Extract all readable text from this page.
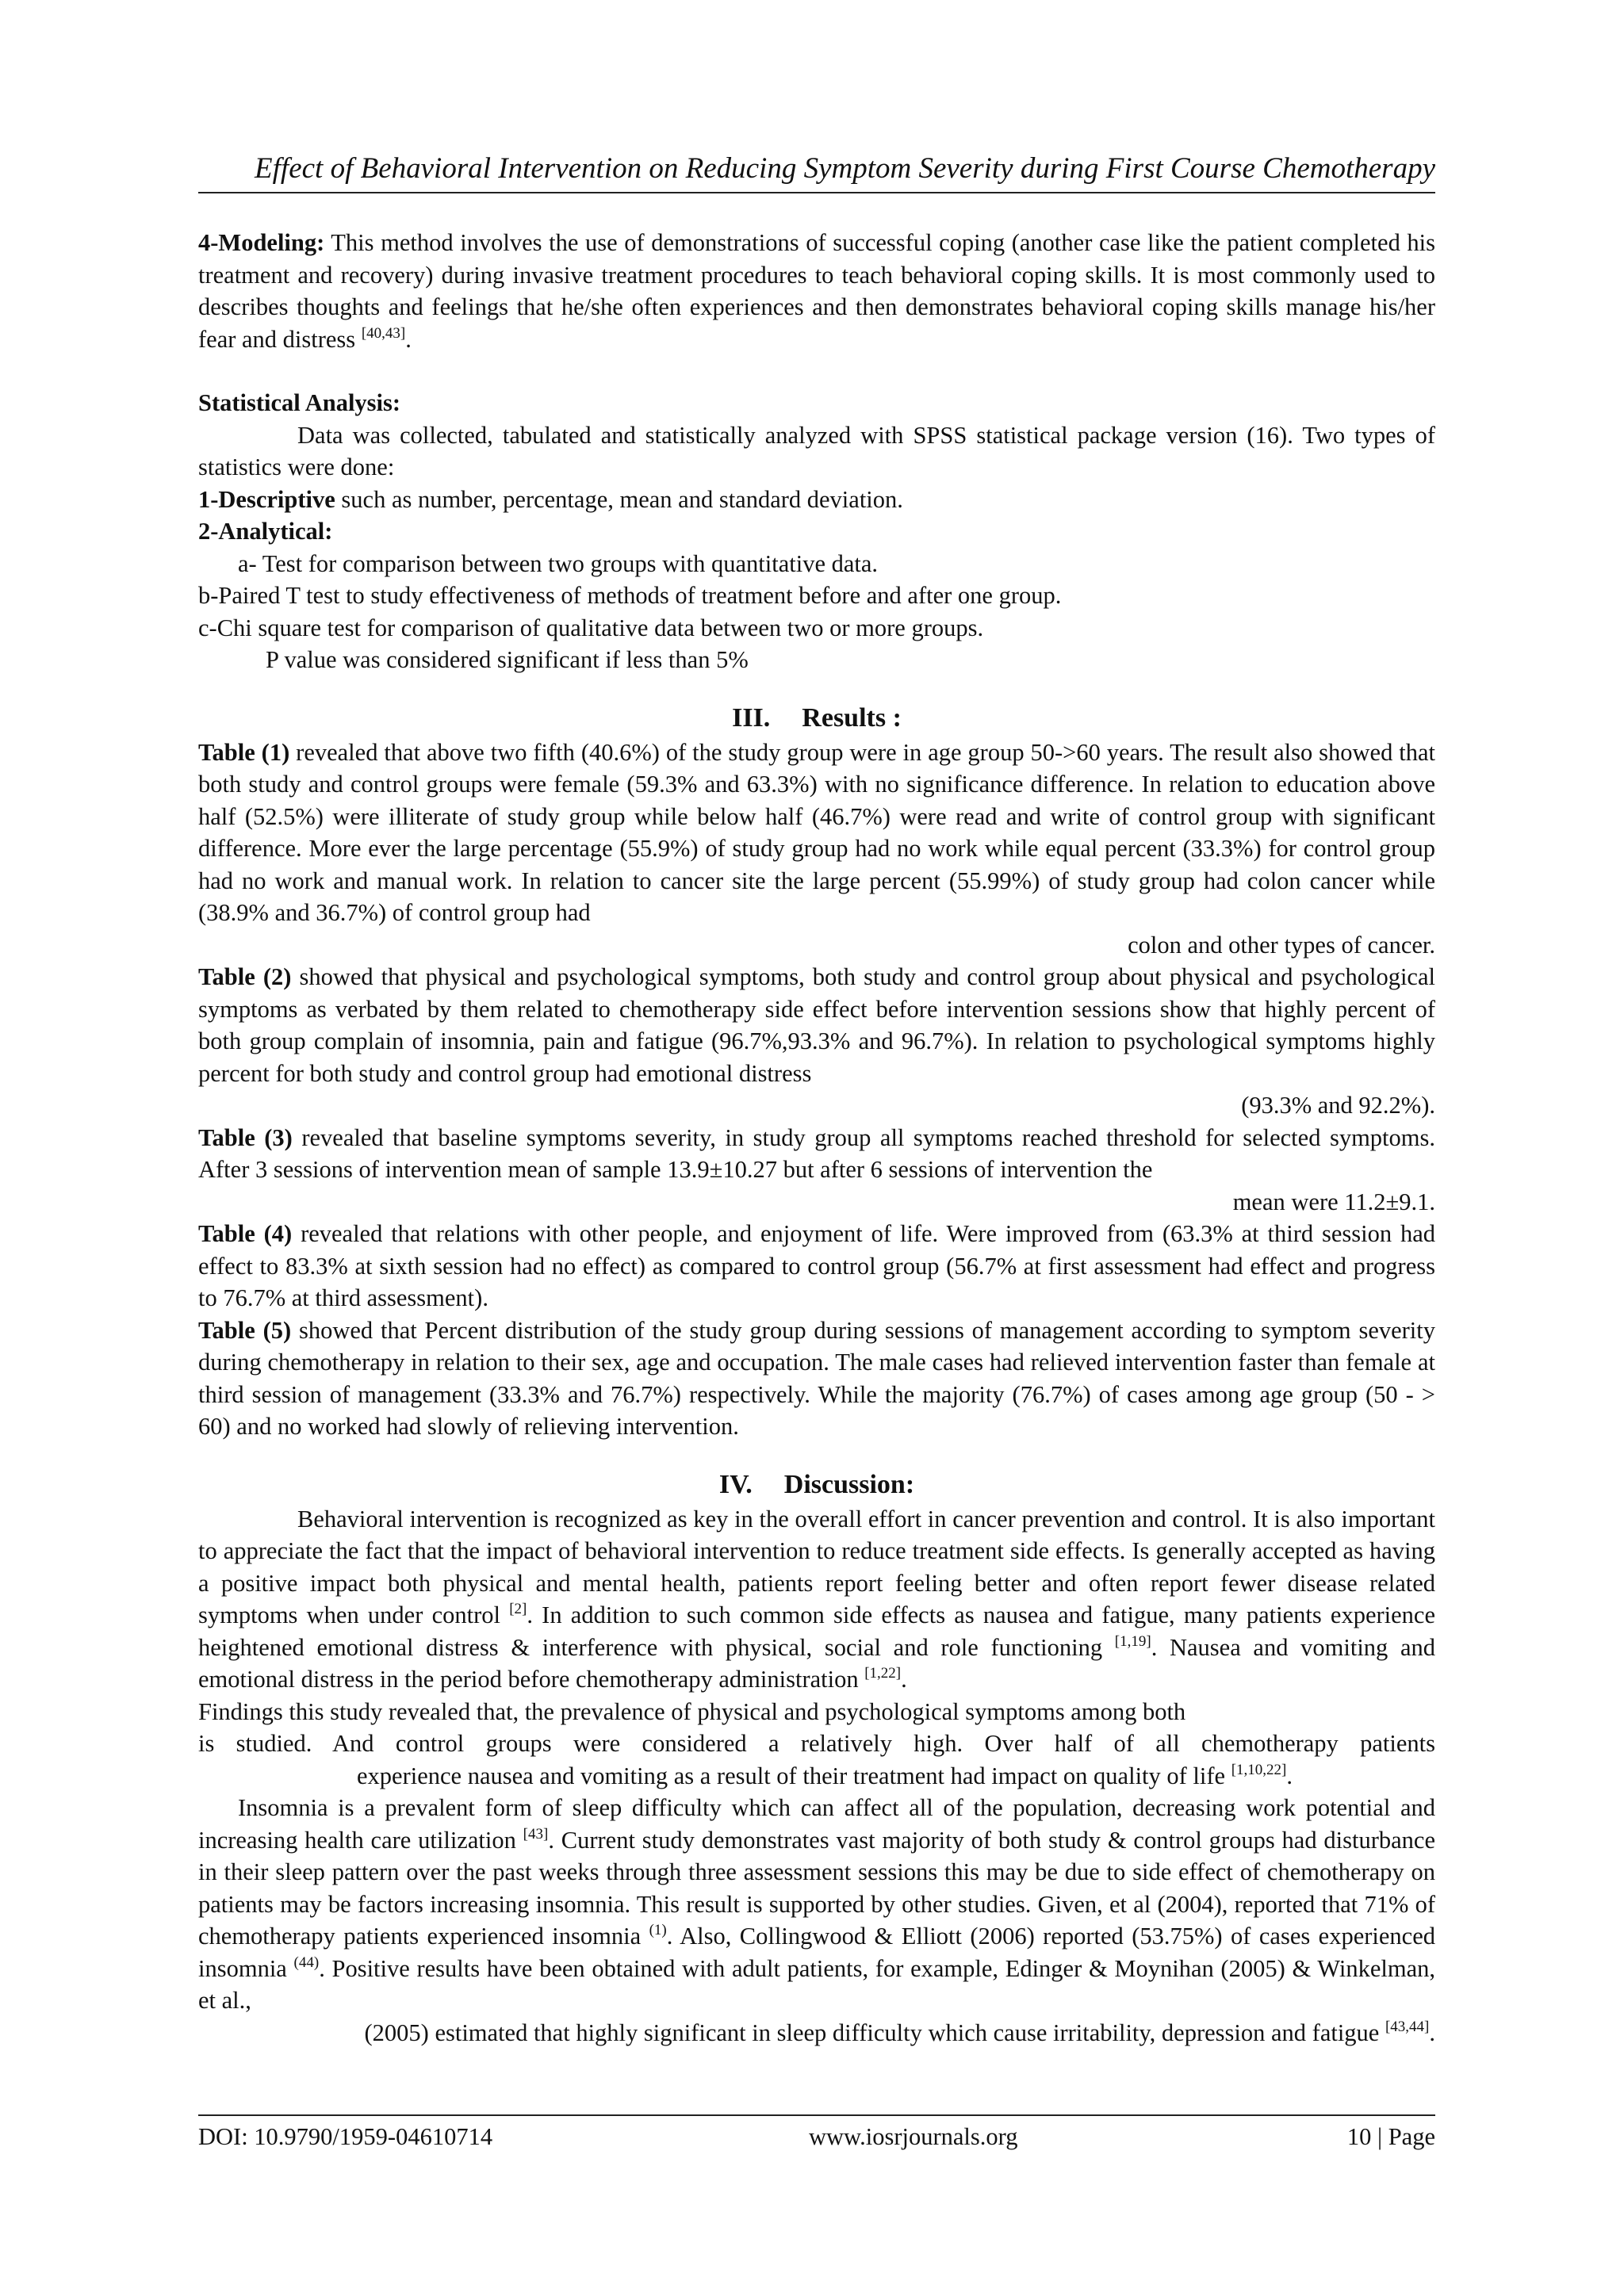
Effect of Behavioral Intervention on Reducing Symptom Severity during First Course Chemotherapy

4-Modeling: This method involves the use of demonstrations of successful coping (another case like the patient completed his treatment and recovery) during invasive treatment procedures to teach behavioral coping skills. It is most commonly used to describes thoughts and feelings that he/she often experiences and then demonstrates behavioral coping skills manage his/her fear and distress [40,43].

Statistical Analysis:

Data was collected, tabulated and statistically analyzed with SPSS statistical package version (16). Two types of statistics were done:

1-Descriptive such as number, percentage, mean and standard deviation.

2-Analytical:

a- Test for comparison between two groups with quantitative data.

b-Paired T test to study effectiveness of methods of treatment before and after one group.

c-Chi square test for comparison of qualitative data between two or more groups.

P value was considered significant if less than 5%

III. Results :

Table (1) revealed that above two fifth (40.6%) of the study group were in age group 50->60 years. The result also showed that both study and control groups were female (59.3% and 63.3%) with no significance difference. In relation to education above half (52.5%) were illiterate of study group while below half (46.7%) were read and write of control group with significant difference. More ever the large percentage (55.9%) of study group had no work while equal percent (33.3%) for control group had no work and manual work. In relation to cancer site the large percent (55.99%) of study group had colon cancer while (38.9% and 36.7%) of control group had

colon and other types of cancer.

Table (2) showed that physical and psychological symptoms, both study and control group about physical and psychological symptoms as verbated by them related to chemotherapy side effect before intervention sessions show that highly percent of both group complain of insomnia, pain and fatigue (96.7%,93.3% and 96.7%). In relation to psychological symptoms highly percent for both study and control group had emotional distress

(93.3% and 92.2%).

Table (3) revealed that baseline symptoms severity, in study group all symptoms reached threshold for selected symptoms. After 3 sessions of intervention mean of sample 13.9±10.27 but after 6 sessions of intervention the

mean were 11.2±9.1.

Table (4) revealed that relations with other people, and enjoyment of life. Were improved from (63.3% at third session had effect to 83.3% at sixth session had no effect) as compared to control group (56.7% at first assessment had effect and progress to 76.7% at third assessment).

Table (5) showed that Percent distribution of the study group during sessions of management according to symptom severity during chemotherapy in relation to their sex, age and occupation. The male cases had relieved intervention faster than female at third session of management (33.3% and 76.7%) respectively. While the majority (76.7%) of cases among age group (50 - > 60) and no worked had slowly of relieving intervention.

IV. Discussion:

Behavioral intervention is recognized as key in the overall effort in cancer prevention and control. It is also important to appreciate the fact that the impact of behavioral intervention to reduce treatment side effects. Is generally accepted as having a positive impact both physical and mental health, patients report feeling better and often report fewer disease related symptoms when under control [2]. In addition to such common side effects as nausea and fatigue, many patients experience heightened emotional distress & interference with physical, social and role functioning [1,19]. Nausea and vomiting and emotional distress in the period before chemotherapy administration [1,22].

Findings this study revealed that, the prevalence of physical and psychological symptoms among both

is studied. And control groups were considered a relatively high. Over half of all chemotherapy patients

experience nausea and vomiting as a result of their treatment had impact on quality of life [1,10,22].

Insomnia is a prevalent form of sleep difficulty which can affect all of the population, decreasing work potential and increasing health care utilization [43]. Current study demonstrates vast majority of both study & control groups had disturbance in their sleep pattern over the past weeks through three assessment sessions this may be due to side effect of chemotherapy on patients may be factors increasing insomnia. This result is supported by other studies. Given, et al (2004), reported that 71% of chemotherapy patients experienced insomnia $^{(1)}$. Also, Collingwood & Elliott (2006) reported (53.75%) of cases experienced insomnia $^{(44)}$. Positive results have been obtained with adult patients, for example, Edinger & Moynihan (2005) & Winkelman, et al.,

(2005) estimated that highly significant in sleep difficulty which cause irritability, depression and fatigue [43,44].

DOI: 10.9790/1959-04610714	www.iosrjournals.org	10 | Page
